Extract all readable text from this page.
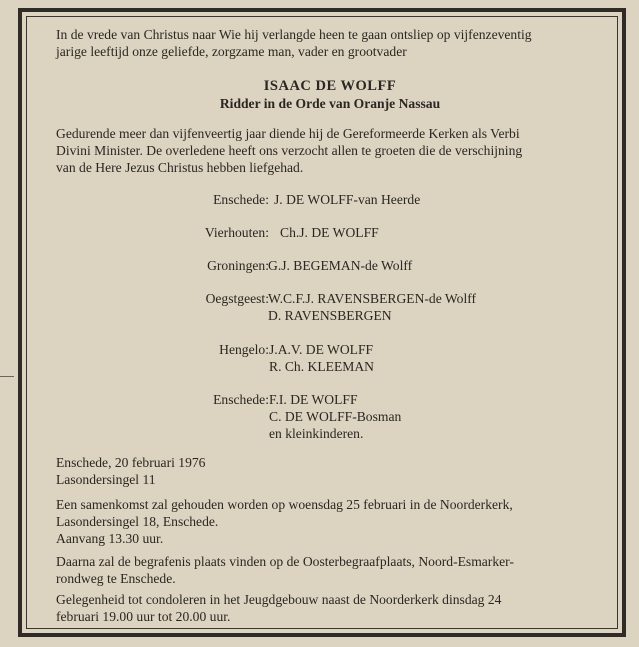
In de vrede van Christus naar Wie hij verlangde heen te gaan ontsliep op vijfenzeventig

jarige leeftijd onze geliefde, zorgzame man, vader en grootvader

ISAAC DE WOLFF
Ridder in de Orde van Oranje Nassau

Gedurende meer dan vijfenveertig jaar diende hij de Gereformeerde Kerken als Verbi

Divini Minister. De overledene heeft ons verzocht allen te groeten die de verschijning

van de Here Jezus Christus hebben liefgehad.

Enschede: J. DE WOLFF-van Heerde
Vierhouten: Ch.J. DE WOLFF
Groningen: G.J. BEGEMAN-de Wolff
Oegstgeest: W.C.F.J. RAVENSBERGEN-de Wolff
D. RAVENSBERGEN
Hengelo: J.A.V. DE WOLFF
R. Ch. KLEEMAN
Enschede: F.I. DE WOLFF
C. DE WOLFF-Bosman
en kleinkinderen.

Enschede, 20 februari 1976

Lasondersingel 11

Een samenkomst zal gehouden worden op woensdag 25 februari in de Noorderkerk,

Lasondersingel 18, Enschede.

Aanvang 13.30 uur.

Daarna zal de begrafenis plaats vinden op de Oosterbegraafplaats, Noord-Esmarker-

rondweg te Enschede.

Gelegenheid tot condoleren in het Jeugdgebouw naast de Noorderkerk dinsdag 24

februari 19.00 uur tot 20.00 uur.
